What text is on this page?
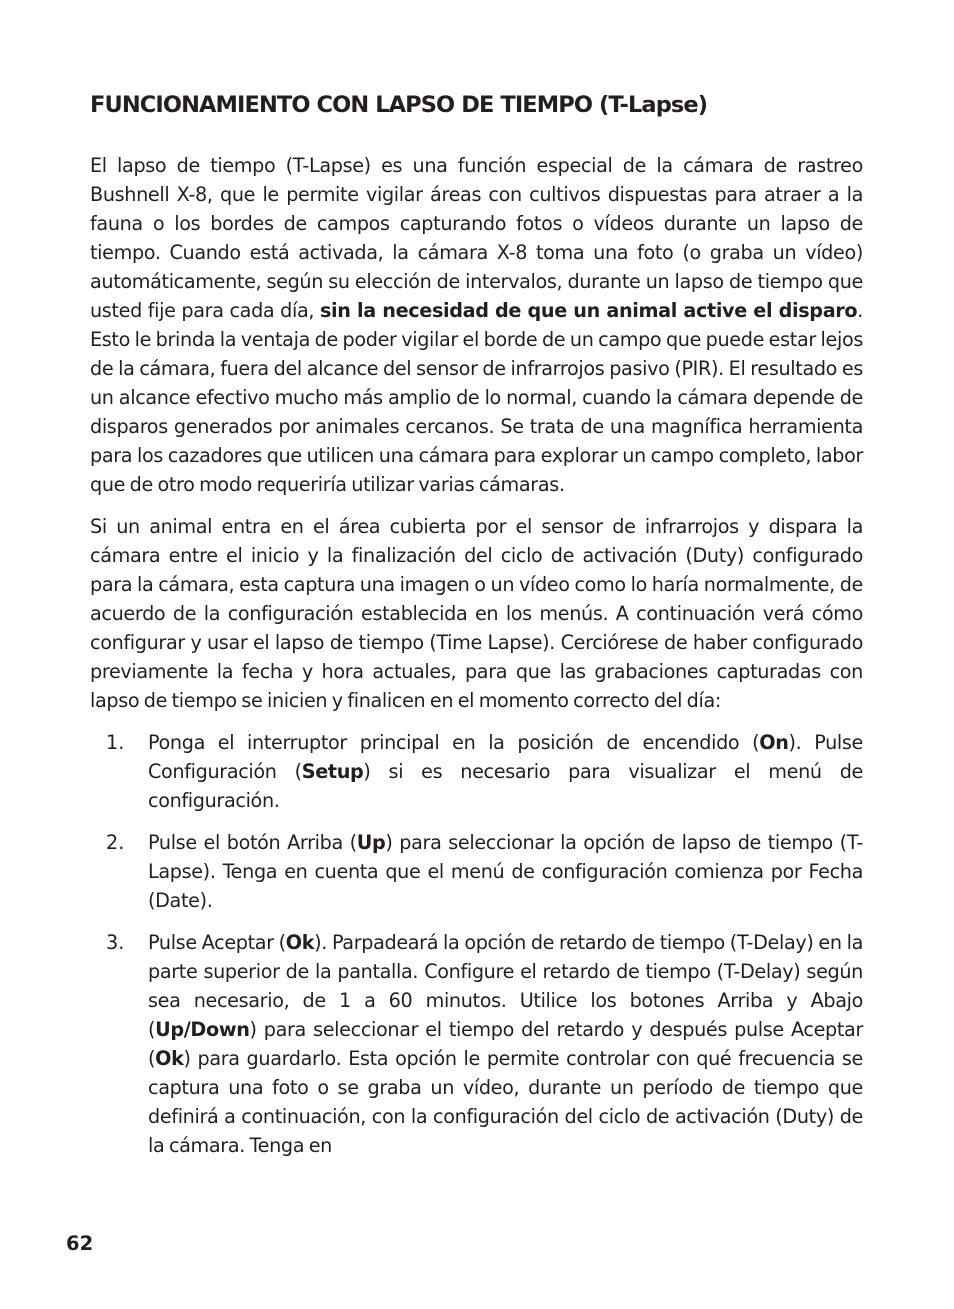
FUNCIONAMIENTO CON LAPSO DE TIEMPO (T-Lapse)

El lapso de tiempo (T-Lapse) es una función especial de la cámara de rastreo Bushnell X-8, que le permite vigilar áreas con cultivos dispuestas para atraer a la fauna o los bordes de campos capturando fotos o vídeos durante un lapso de tiempo. Cuando está activada, la cámara X-8 toma una foto (o graba un vídeo) automáticamente, según su elección de intervalos, durante un lapso de tiempo que usted fije para cada día, sin la necesidad de que un animal active el disparo. Esto le brinda la ventaja de poder vigilar el borde de un campo que puede estar lejos de la cámara, fuera del alcance del sensor de infrarrojos pasivo (PIR). El resultado es un alcance efectivo mucho más amplio de lo normal, cuando la cámara depende de disparos generados por animales cercanos. Se trata de una magnífica herramienta para los cazadores que utilicen una cámara para explorar un campo completo, labor que de otro modo requeriría utilizar varias cámaras.

Si un animal entra en el área cubierta por el sensor de infrarrojos y dispara la cámara entre el inicio y la finalización del ciclo de activación (Duty) configurado para la cámara, esta captura una imagen o un vídeo como lo haría normalmente, de acuerdo de la configuración establecida en los menús. A continuación verá cómo configurar y usar el lapso de tiempo (Time Lapse). Cerciórese de haber configurado previamente la fecha y hora actuales, para que las grabaciones capturadas con lapso de tiempo se inicien y finalicen en el momento correcto del día:

1. Ponga el interruptor principal en la posición de encendido (On). Pulse Configuración (Setup) si es necesario para visualizar el menú de configuración.

2. Pulse el botón Arriba (Up) para seleccionar la opción de lapso de tiempo (T-Lapse). Tenga en cuenta que el menú de configuración comienza por Fecha (Date).

3. Pulse Aceptar (Ok). Parpadeará la opción de retardo de tiempo (T-Delay) en la parte superior de la pantalla. Configure el retardo de tiempo (T-Delay) según sea necesario, de 1 a 60 minutos. Utilice los botones Arriba y Abajo (Up/Down) para seleccionar el tiempo del retardo y después pulse Aceptar (Ok) para guardarlo. Esta opción le permite controlar con qué frecuencia se captura una foto o se graba un vídeo, durante un período de tiempo que definirá a continuación, con la configuración del ciclo de activación (Duty) de la cámara. Tenga en

62
